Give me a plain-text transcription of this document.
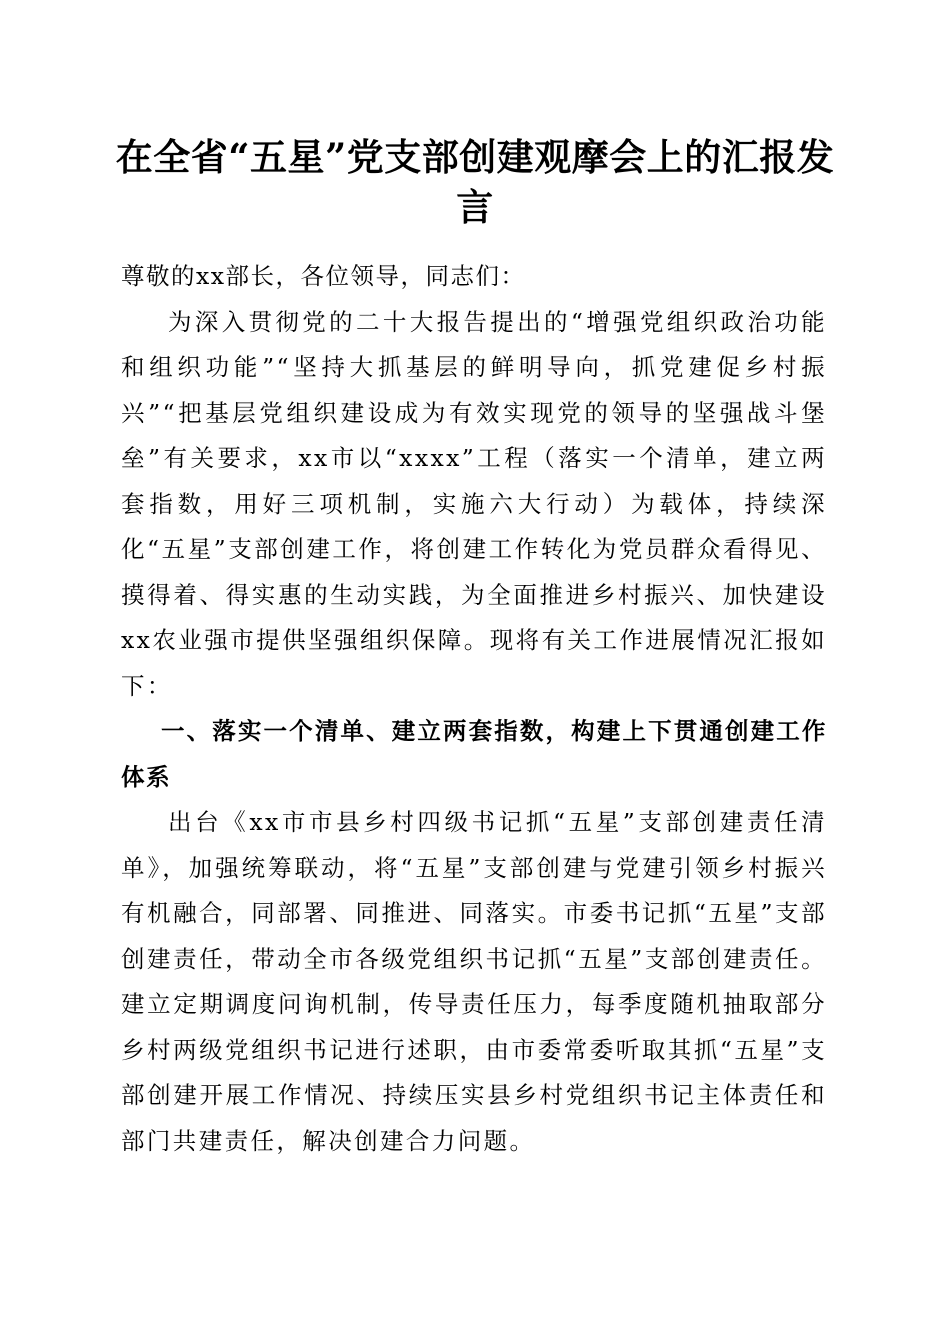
在全省“五星”党支部创建观摩会上的汇报发言

尊敬的xx部长，各位领导，同志们：

为深入贯彻党的二十大报告提出的“增强党组织政治功能和组织功能”“坚持大抓基层的鲜明导向，抓党建促乡村振兴”“把基层党组织建设成为有效实现党的领导的坚强战斗堡垒”有关要求，xx市以“xxxx”工程（落实一个清单，建立两套指数，用好三项机制，实施六大行动）为载体，持续深化“五星”支部创建工作，将创建工作转化为党员群众看得见、摸得着、得实惠的生动实践，为全面推进乡村振兴、加快建设xx农业强市提供坚强组织保障。现将有关工作进展情况汇报如下：

一、落实一个清单、建立两套指数，构建上下贯通创建工作体系

出台《xx市市县乡村四级书记抓“五星”支部创建责任清单》，加强统筹联动，将“五星”支部创建与党建引领乡村振兴有机融合，同部署、同推进、同落实。市委书记抓“五星”支部创建责任，带动全市各级党组织书记抓“五星”支部创建责任。建立定期调度问询机制，传导责任压力，每季度随机抽取部分乡村两级党组织书记进行述职，由市委常委听取其抓“五星”支部创建开展工作情况、持续压实县乡村党组织书记主体责任和部门共建责任，解决创建合力问题。
